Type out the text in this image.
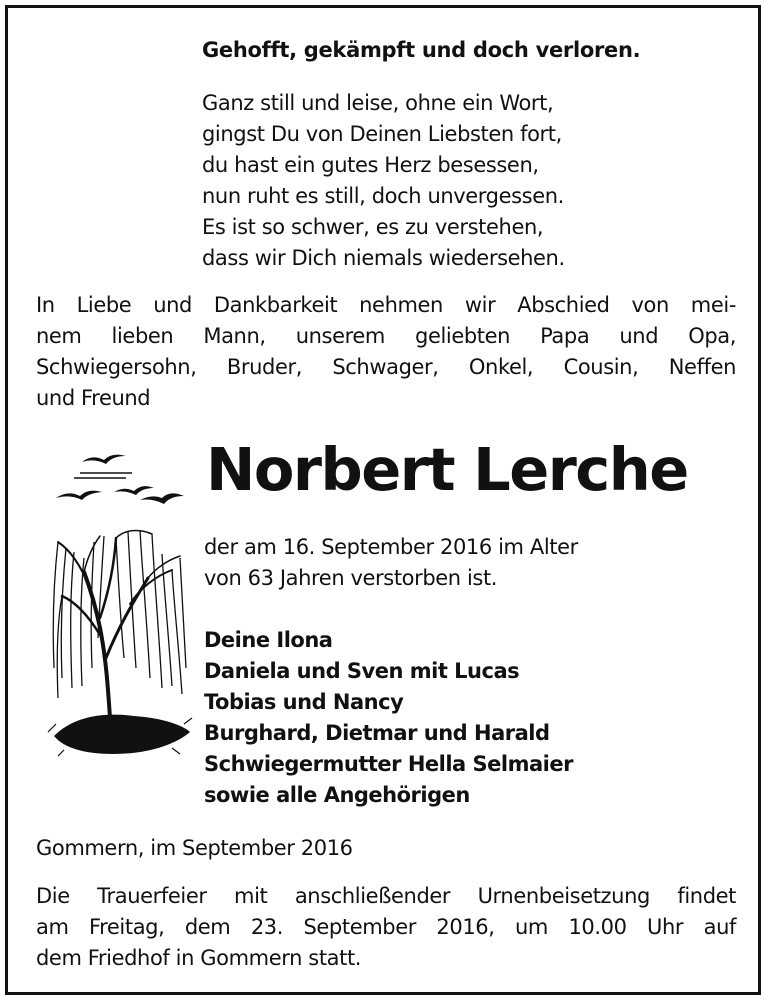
Gehofft, gekämpft und doch verloren.

Ganz still und leise, ohne ein Wort,
gingst Du von Deinen Liebsten fort,
du hast ein gutes Herz besessen,
nun ruht es still, doch unvergessen.
Es ist so schwer, es zu verstehen,
dass wir Dich niemals wiedersehen.
In Liebe und Dankbarkeit nehmen wir Abschied von mei-
nem lieben Mann, unserem geliebten Papa und Opa,
Schwiegersohn, Bruder, Schwager, Onkel, Cousin, Neffen
und Freund

Norbert Lerche

der am 16. September 2016 im Alter
von 63 Jahren verstorben ist.
Deine Ilona
Daniela und Sven mit Lucas
Tobias und Nancy
Burghard, Dietmar und Harald
Schwiegermutter Hella Selmaier
sowie alle Angehörigen

Gommern, im September 2016

Die Trauerfeier mit anschließender Urnenbeisetzung findet
am Freitag, dem 23. September 2016, um 10.00 Uhr auf
dem Friedhof in Gommern statt.
